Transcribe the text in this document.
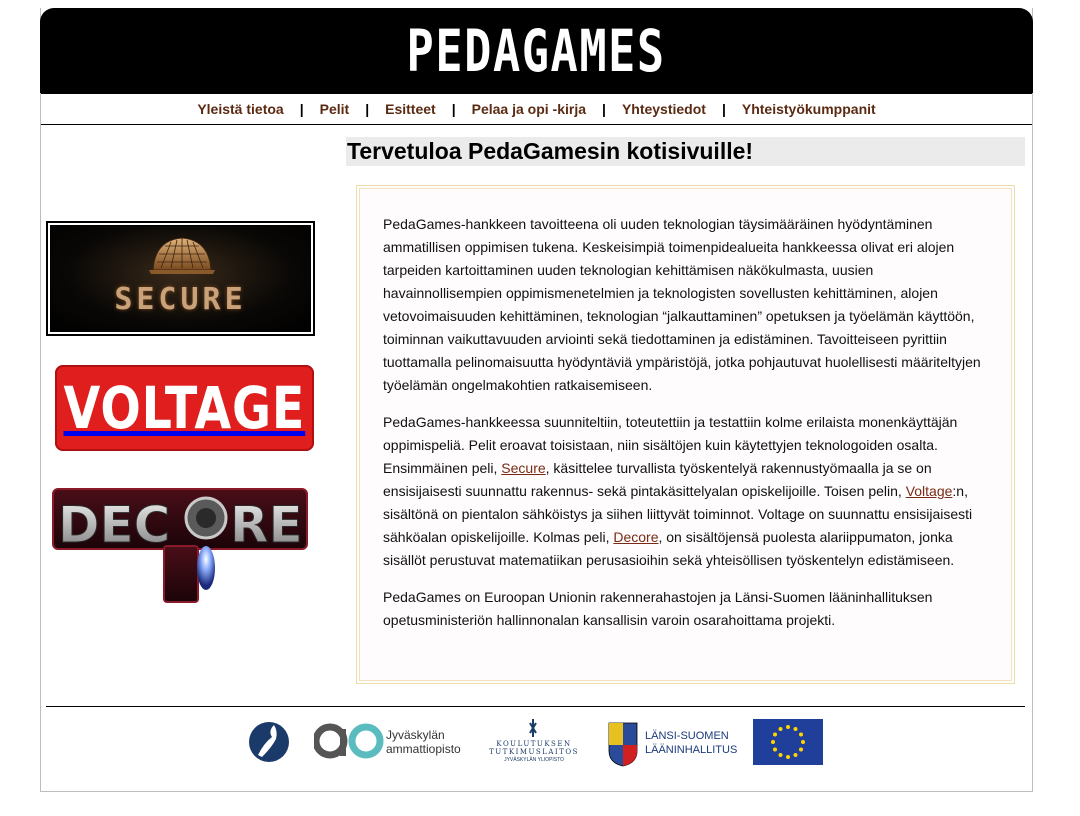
PEDAGAMES
Yleistä tietoa | Pelit | Esitteet | Pelaa ja opi -kirja | Yhteystiedot | Yhteistyökumppanit
SECURE
VOLTAGE
DEC RE
Tervetuloa PedaGamesin kotisivuille!

PedaGames-hankkeen tavoitteena oli uuden teknologian täysimääräinen hyödyntäminen ammatillisen oppimisen tukena. Keskeisimpiä toimenpidealueita hankkeessa olivat eri alojen tarpeiden kartoittaminen uuden teknologian kehittämisen näkökulmasta, uusien havainnollisempien oppimismenetelmien ja teknologisten sovellusten kehittäminen, alojen vetovoimaisuuden kehittäminen, teknologian “jalkauttaminen” opetuksen ja työelämän käyttöön, toiminnan vaikuttavuuden arviointi sekä tiedottaminen ja edistäminen. Tavoitteiseen pyrittiin tuottamalla pelinomaisuutta hyödyntäviä ympäristöjä, jotka pohjautuvat huolellisesti määriteltyjen työelämän ongelmakohtien ratkaisemiseen.

PedaGames-hankkeessa suunniteltiin, toteutettiin ja testattiin kolme erilaista monenkäyttäjän oppimispeliä. Pelit eroavat toisistaan, niin sisältöjen kuin käytettyjen teknologoiden osalta. Ensimmäinen peli, Secure, käsittelee turvallista työskentelyä rakennustyömaalla ja se on ensisijaisesti suunnattu rakennus- sekä pintakäsittelyalan opiskelijoille. Toisen pelin, Voltage:n, sisältönä on pientalon sähköistys ja siihen liittyvät toiminnot. Voltage on suunnattu ensisijaisesti sähköalan opiskelijoille. Kolmas peli, Decore, on sisältöjensä puolesta alariippumaton, jonka sisällöt perustuvat matematiikan perusasioihin sekä yhteisöllisen työskentelyn edistämiseen.

PedaGames on Euroopan Unionin rakennerahastojen ja Länsi-Suomen lääninhallituksen opetusministeriön hallinnonalan kansallisin varoin osarahoittama projekti.

Jyväskylän
ammattiopisto	KOULUTUKSEN
TUTKIMUSLAITOS
JYVÄSKYLÄN YLIOPISTO
LÄNSI-SUOMEN
LÄÄNINHALLITUS
